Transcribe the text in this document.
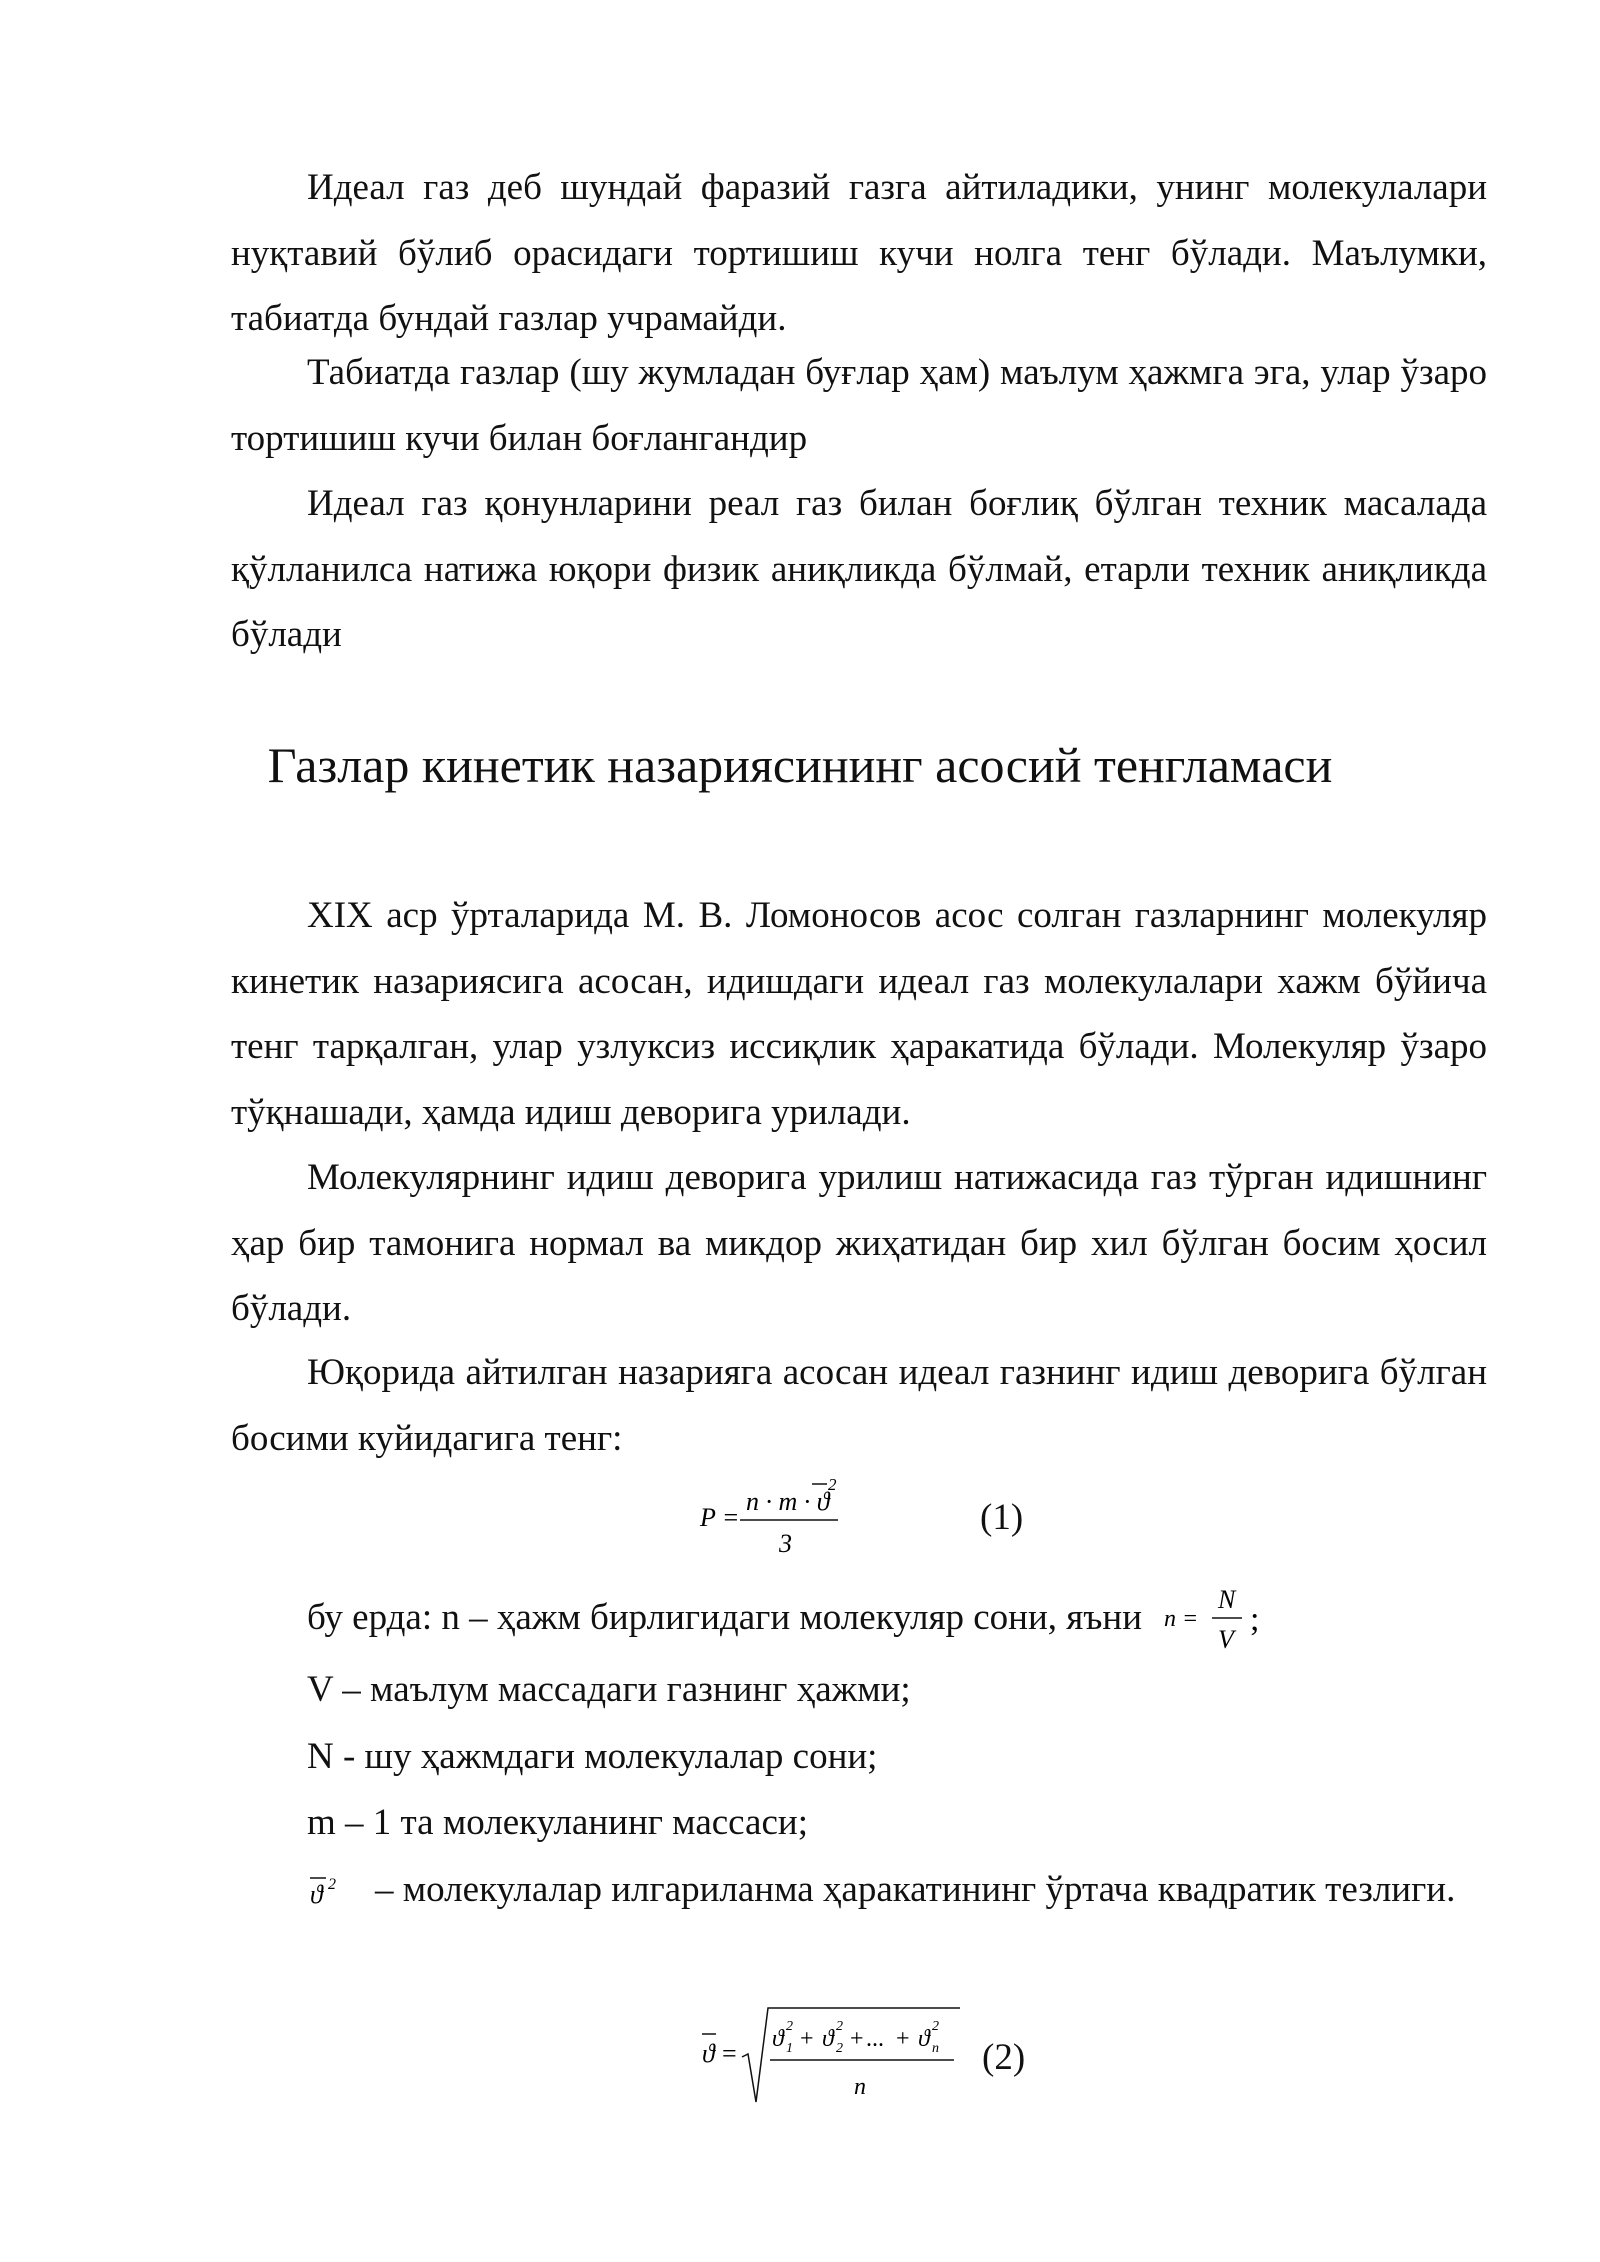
Идеал газ деб шундай фаразий газга айтиладики, унинг молекулалари нуқтавий бўлиб орасидаги тортишиш кучи нолга тенг бўлади. Маълумки, табиатда бундай газлар учрамайди.

Табиатда газлар (шу жумладан буғлар ҳам) маълум ҳажмга эга, улар ўзаро тортишиш кучи билан боғлангандир

Идеал газ қонунларини реал газ билан боғлиқ бўлган техник масалада қўлланилса натижа юқори физик аниқликда бўлмай, етарли техник аниқликда бўлади

Газлар кинетик назариясининг асосий тенгламаси

XIX аср ўрталарида М. В. Ломоносов асос солган газларнинг молекуляр кинетик назариясига асосан, идишдаги идеал газ молекулалари хажм бўйича тенг тарқалган, улар узлуксиз иссиқлик ҳаракатида бўлади. Молекуляр ўзаро тўқнашади, ҳамда идиш деворига урилади.

Молекулярнинг идиш деворига урилиш натижасида газ тўрган идишнинг ҳар бир тамонига нормал ва микдор жиҳатидан бир хил бўлган босим ҳосил бўлади.

Юқорида айтилган назарияга асосан идеал газнинг идиш деворига бўлган босими куйидагига тенг:

P =
n · m · ϑ
2
3
(1)
бу ерда: n – ҳажм бирлигидаги молекуляр сони, яъни n =
N
V
;
V – маълум массадаги газнинг ҳажми;
N - шу ҳажмдаги молекулалар сони;
m – 1 та молекуланинг массаси;
ϑ 2 – молекулалар илгариланма ҳаракатининг ўртача квадратик тезлиги.
ϑ = ϑ 2
1 + ϑ 2
2 + ... + ϑ 2
n
n
(2)
